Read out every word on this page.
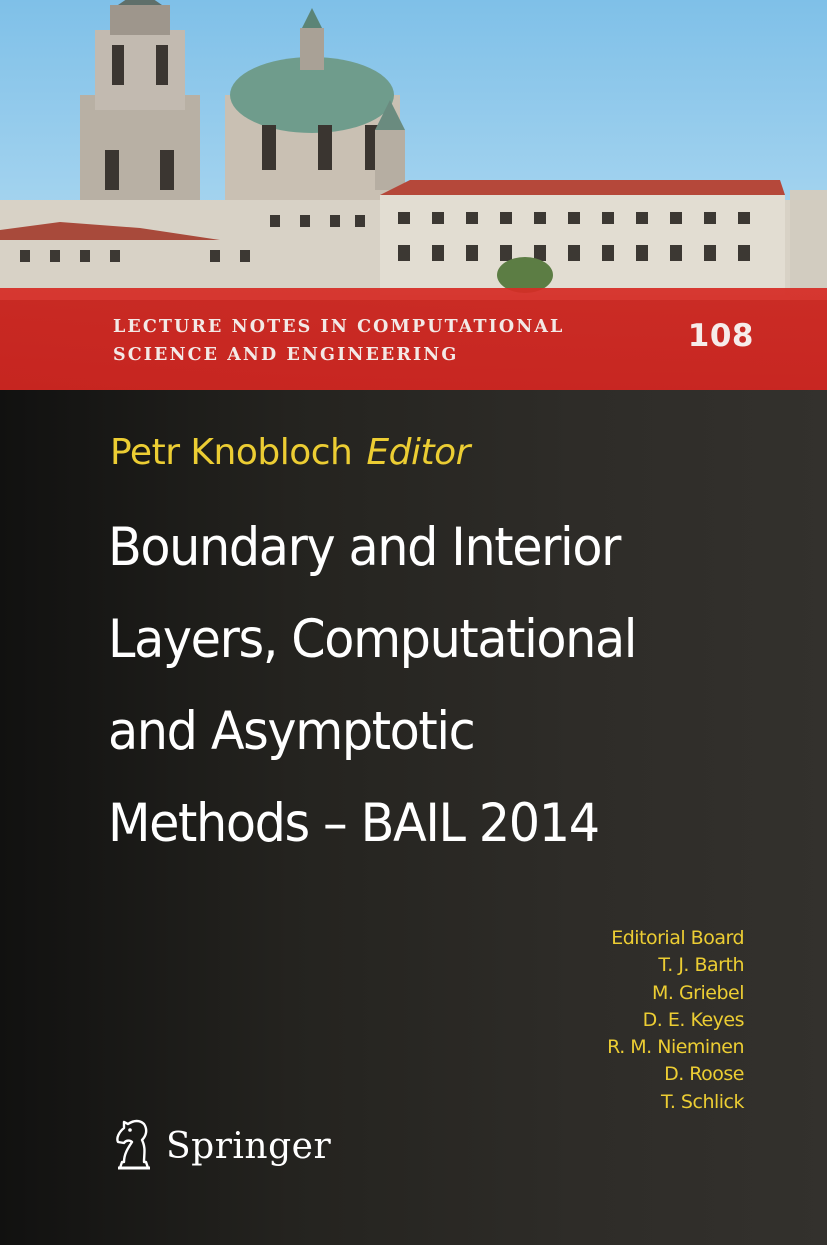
LECTURE NOTES IN COMPUTATIONAL
SCIENCE AND ENGINEERING
108
Petr Knobloch Editor
Boundary and Interior
Layers, Computational
and Asymptotic
Methods – BAIL 2014
Editorial Board
T. J. Barth
M. Griebel
D. E. Keyes
R. M. Nieminen
D. Roose
T. Schlick
Springer
